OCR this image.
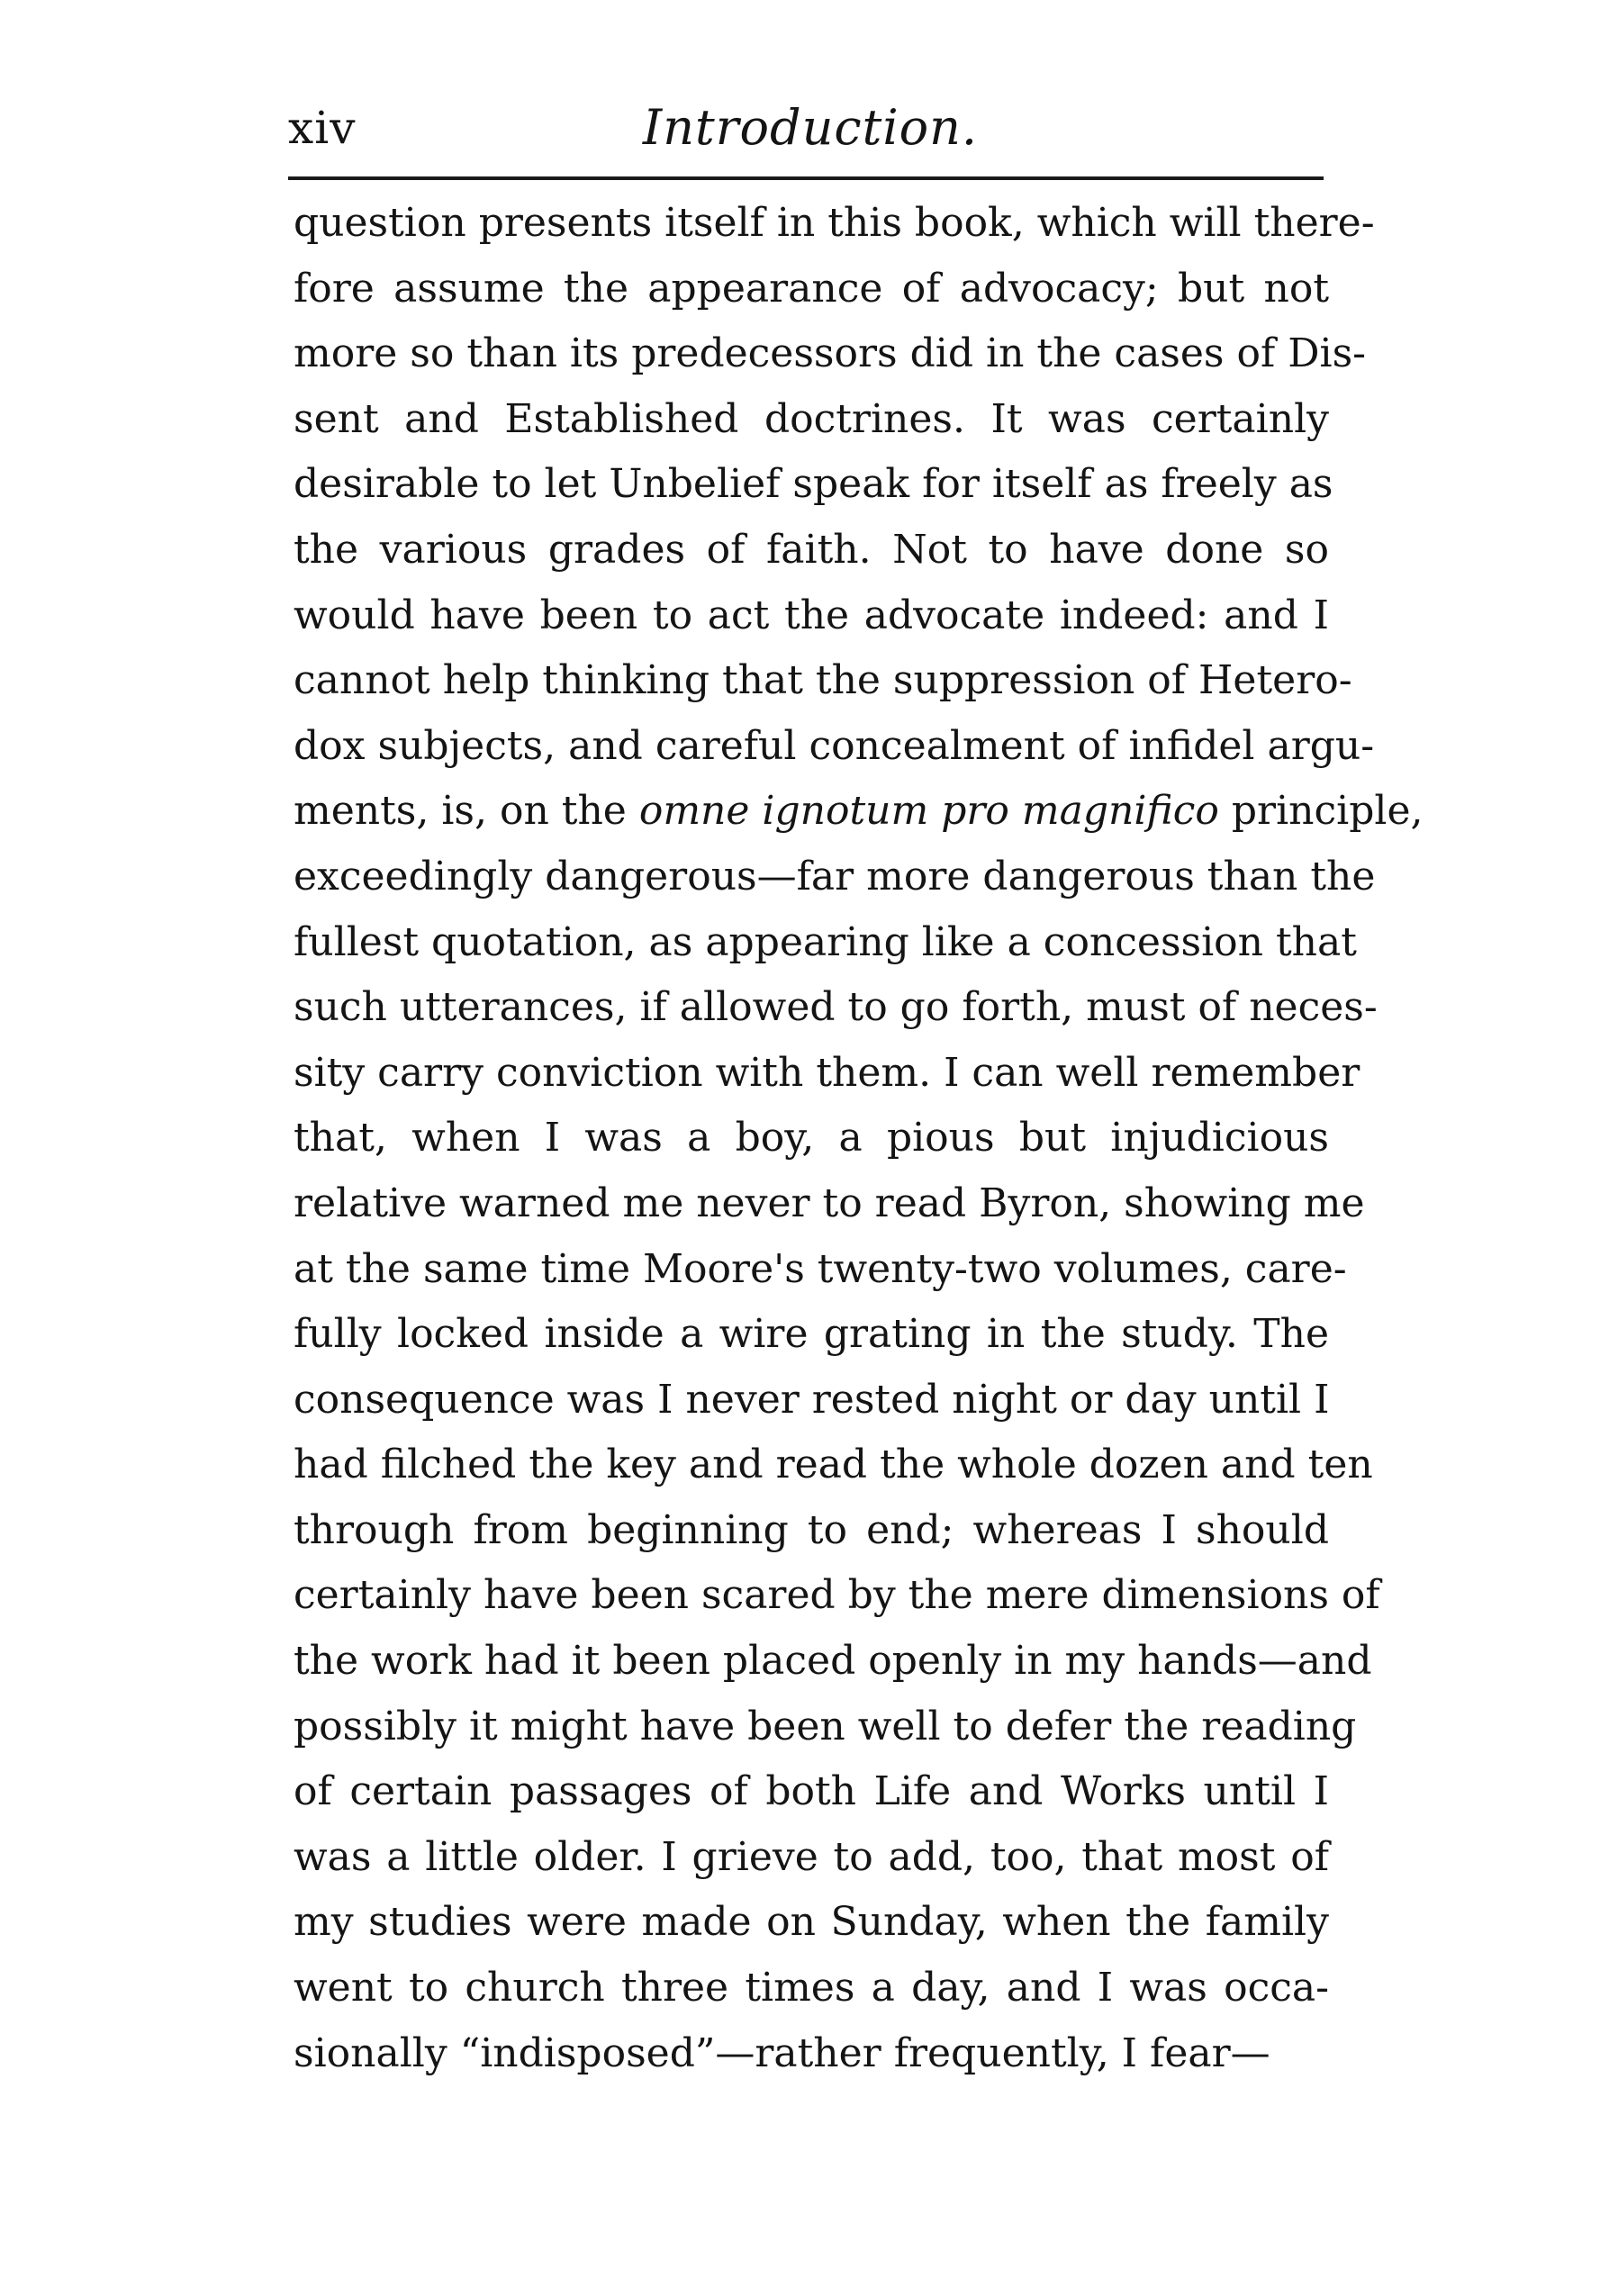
xiv	Introduction.
question presents itself in this book, which will there-
fore assume the appearance of advocacy; but not
more so than its predecessors did in the cases of Dis-
sent and Established doctrines. It was certainly
desirable to let Unbelief speak for itself as freely as
the various grades of faith. Not to have done so
would have been to act the advocate indeed: and I
cannot help thinking that the suppression of Hetero-
dox subjects, and careful concealment of infidel argu-
ments, is, on the omne ignotum pro magnifico principle,
exceedingly dangerous—far more dangerous than the
fullest quotation, as appearing like a concession that
such utterances, if allowed to go forth, must of neces-
sity carry conviction with them. I can well remember
that, when I was a boy, a pious but injudicious
relative warned me never to read Byron, showing me
at the same time Moore's twenty-two volumes, care-
fully locked inside a wire grating in the study. The
consequence was I never rested night or day until I
had filched the key and read the whole dozen and ten
through from beginning to end; whereas I should
certainly have been scared by the mere dimensions of
the work had it been placed openly in my hands—and
possibly it might have been well to defer the reading
of certain passages of both Life and Works until I
was a little older. I grieve to add, too, that most of
my studies were made on Sunday, when the family
went to church three times a day, and I was occa-
sionally “indisposed”—rather frequently, I fear—
